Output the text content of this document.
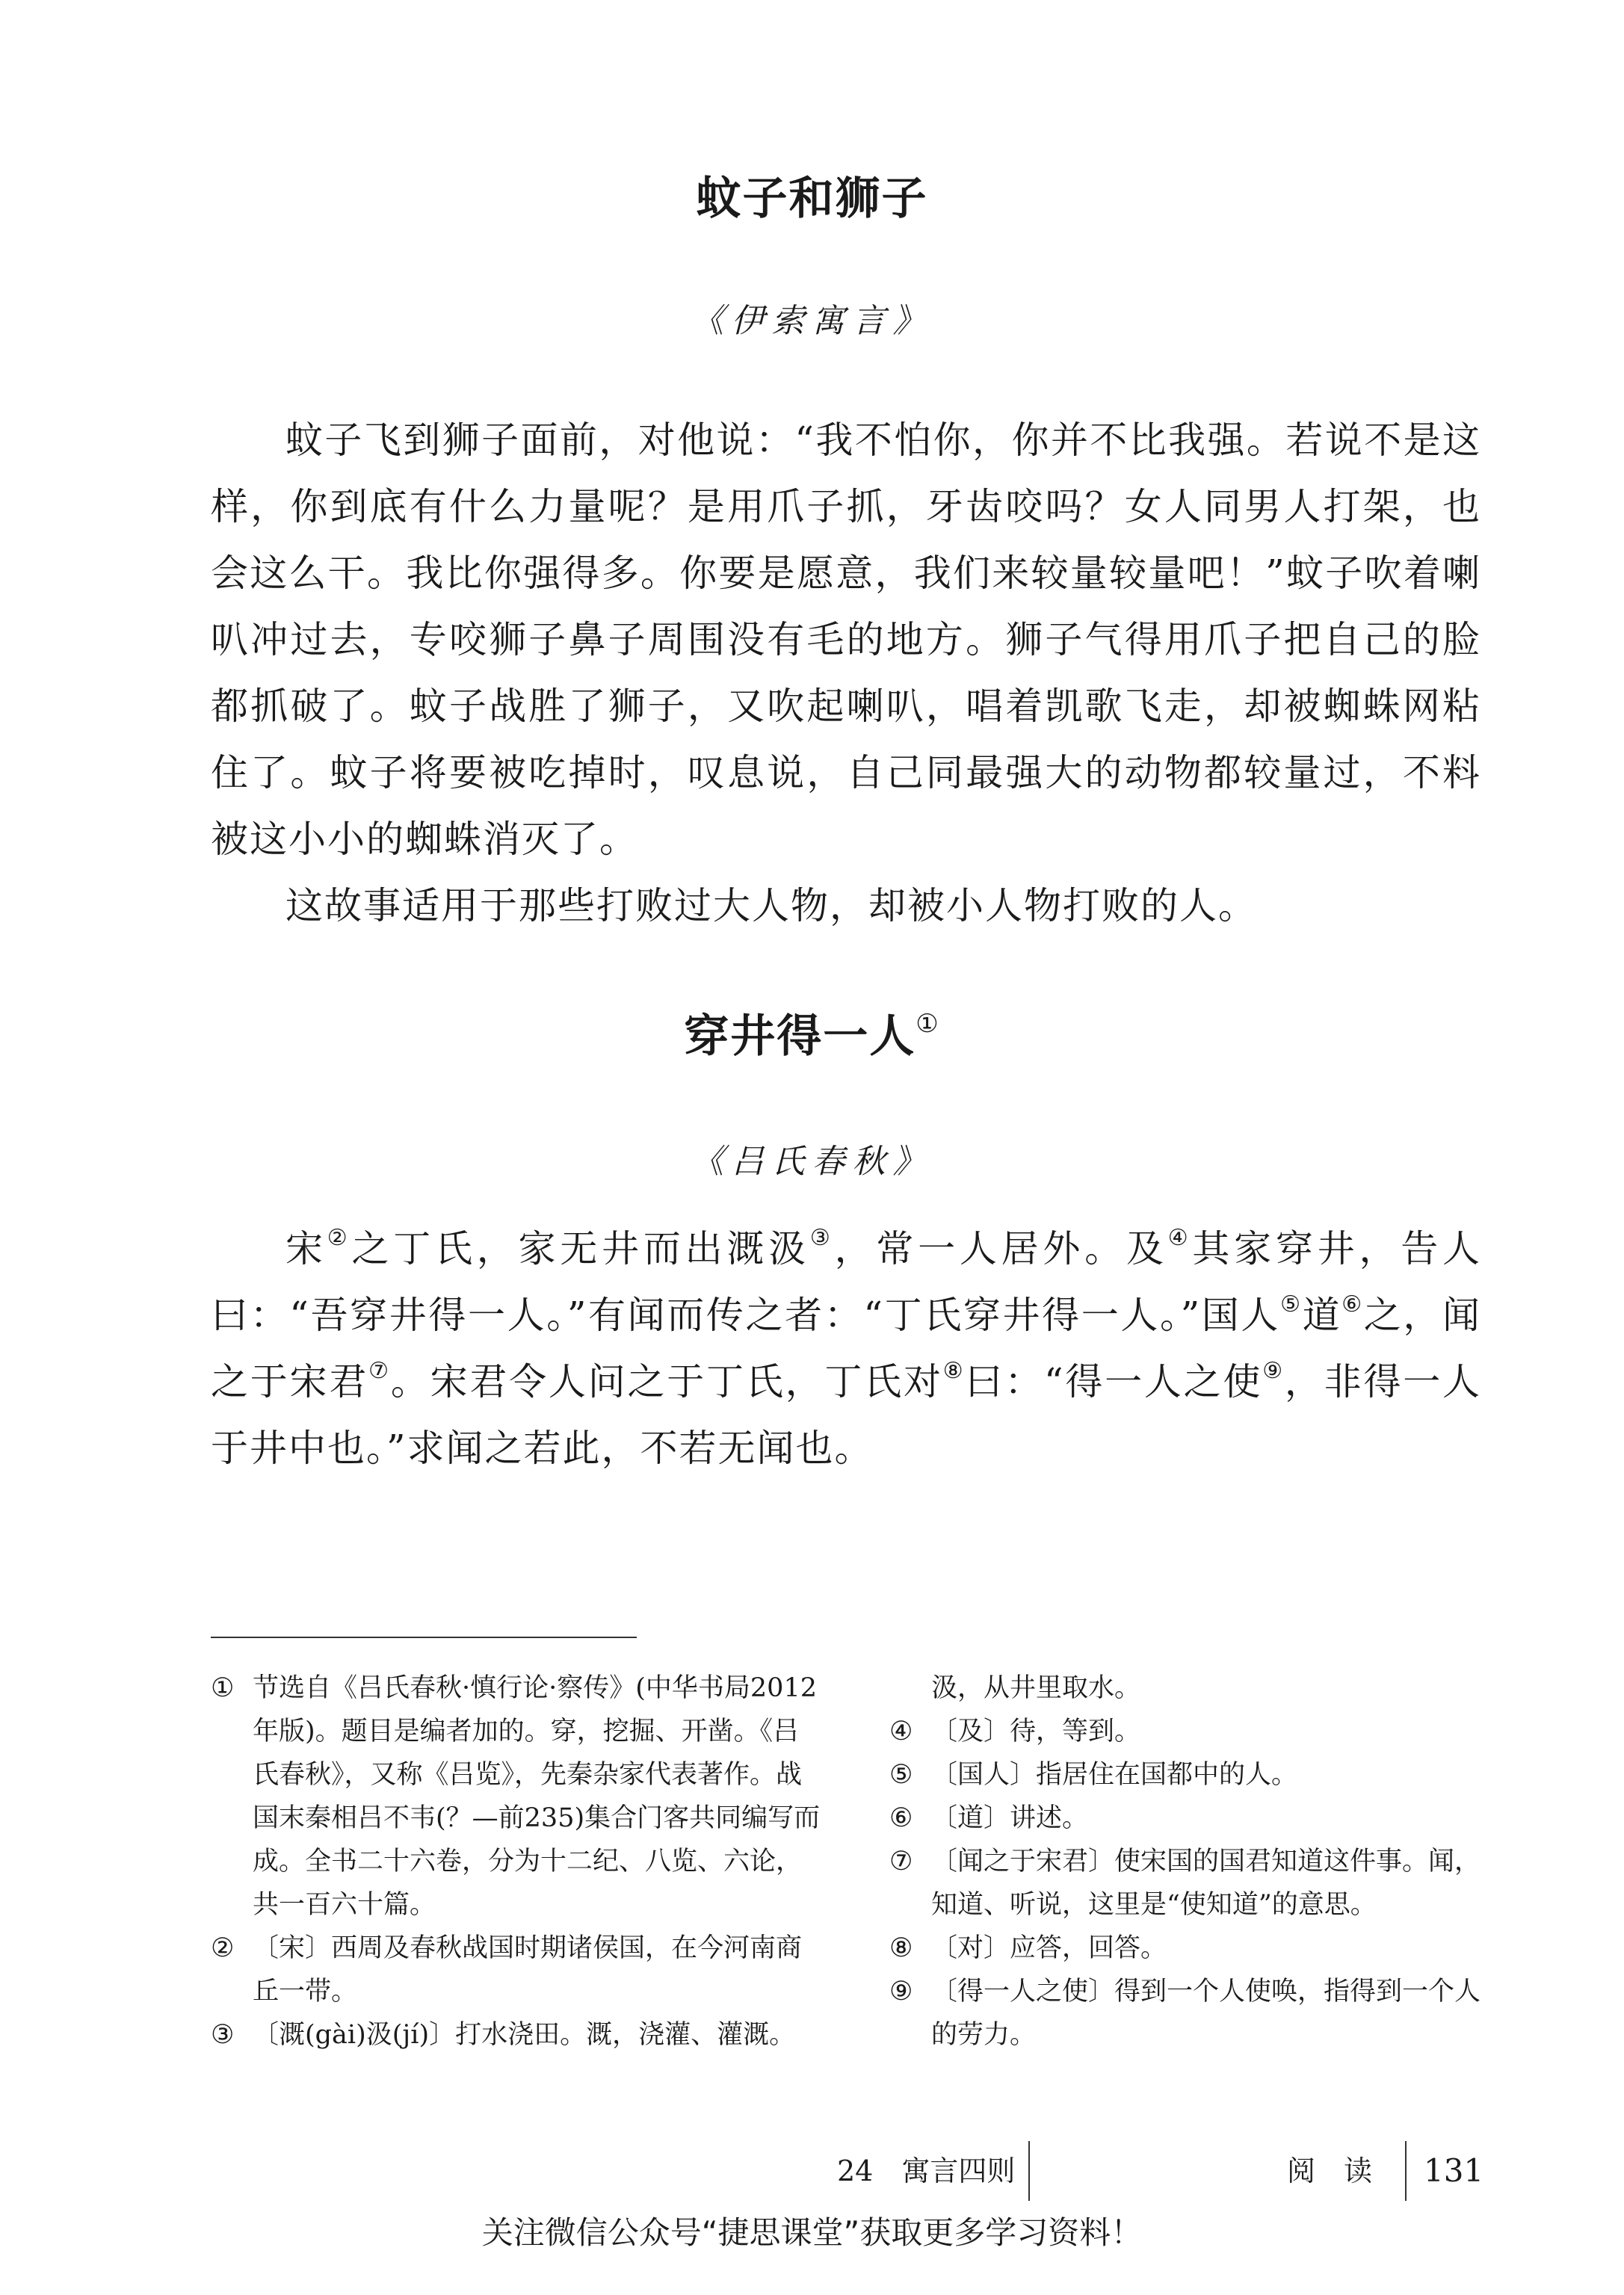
蚊子和狮子
《伊索寓言》

蚊子飞到狮子面前，对他说：“我不怕你，你并不比我强。若说不是这样，你到底有什么力量呢？是用爪子抓，牙齿咬吗？女人同男人打架，也会这么干。我比你强得多。你要是愿意，我们来较量较量吧！”蚊子吹着喇叭冲过去，专咬狮子鼻子周围没有毛的地方。狮子气得用爪子把自己的脸都抓破了。蚊子战胜了狮子，又吹起喇叭，唱着凯歌飞走，却被蜘蛛网粘住了。蚊子将要被吃掉时，叹息说，自己同最强大的动物都较量过，不料被这小小的蜘蛛消灭了。

这故事适用于那些打败过大人物，却被小人物打败的人。

穿井得一人①
《吕氏春秋》

宋②之丁氏，家无井而出溉汲③，常一人居外。及④其家穿井，告人曰：“吾穿井得一人。”有闻而传之者：“丁氏穿井得一人。”国人⑤道⑥之，闻之于宋君⑦。宋君令人问之于丁氏，丁氏对⑧曰：“得一人之使⑨，非得一人于井中也。”求闻之若此，不若无闻也。

① 节选自《吕氏春秋·慎行论·察传》(中华书局2012年版)。题目是编者加的。穿，挖掘、开凿。《吕氏春秋》，又称《吕览》，先秦杂家代表著作。战国末秦相吕不韦(？—前235)集合门客共同编写而成。全书二十六卷，分为十二纪、八览、六论，共一百六十篇。
② 〔宋〕西周及春秋战国时期诸侯国，在今河南商丘一带。
③ 〔溉(gài)汲(jí)〕打水浇田。溉，浇灌、灌溉。
汲，从井里取水。
④ 〔及〕待，等到。
⑤ 〔国人〕指居住在国都中的人。
⑥ 〔道〕讲述。
⑦ 〔闻之于宋君〕使宋国的国君知道这件事。闻，知道、听说，这里是“使知道”的意思。
⑧ 〔对〕应答，回答。
⑨ 〔得一人之使〕得到一个人使唤，指得到一个人的劳力。
24　寓言四则	阅　读 131
关注微信公众号“捷思课堂”获取更多学习资料！
